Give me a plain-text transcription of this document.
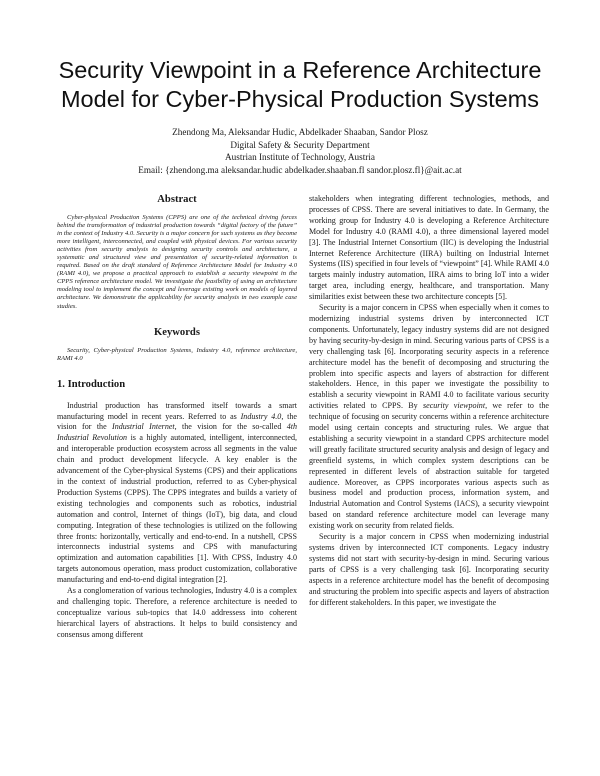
Security Viewpoint in a Reference Architecture
Model for Cyber-Physical Production Systems
Zhendong Ma, Aleksandar Hudic, Abdelkader Shaaban, Sandor Plosz
Digital Safety & Security Department
Austrian Institute of Technology, Austria
Email: {zhendong.ma aleksandar.hudic abdelkader.shaaban.fl sandor.plosz.fl}@ait.ac.at
Abstract

Cyber-physical Production Systems (CPPS) are one of the technical driving forces behind the transformation of industrial production towards “digital factory of the future” in the context of Industry 4.0. Security is a major concern for such systems as they become more intelligent, interconnected, and coupled with physical devices. For various security activities from security analysis to designing security controls and architecture, a systematic and structured view and presentation of security-related information is required. Based on the draft standard of Reference Architecture Model for Industry 4.0 (RAMI 4.0), we propose a practical approach to establish a security viewpoint in the CPPS reference architecture model. We investigate the feasibility of using an architecture modeling tool to implement the concept and leverage existing work on models of layered architecture. We demonstrate the applicability for security analysis in two example case studies.

Keywords

Security, Cyber-physical Production Systems, Industry 4.0, reference architecture, RAMI 4.0

1. Introduction

Industrial production has transformed itself towards a smart manufacturing model in recent years. Referred to as Industry 4.0, the vision for the Industrial Internet, the vision for the so-called 4th Industrial Revolution is a highly automated, intelligent, interconnected, and interoperable production ecosystem across all segments in the value chain and product development lifecycle. A key enabler is the advancement of the Cyber-physical Systems (CPS) and their applications in the context of industrial production, referred to as Cyber-physical Production Systems (CPPS). The CPPS integrates and builds a variety of existing technologies and components such as robotics, industrial automation and control, Internet of things (IoT), big data, and cloud computing. Integration of these technologies is utilized on the following three fronts: horizontally, vertically and end-to-end. In a nutshell, CPSS interconnects industrial systems and CPS with manufacturing optimization and automation capabilities [1]. With CPSS, Industry 4.0 targets autonomous operation, mass product customization, collaborative manufacturing and end-to-end digital integration [2].

As a conglomeration of various technologies, Industry 4.0 is a complex and challenging topic. Therefore, a reference architecture is needed to conceptualize various sub-topics that I4.0 addressess into coherent hierarchical layers of abstractions. It helps to build consistency and consensus among different

stakeholders when integrating different technologies, methods, and processes of CPSS. There are several initiatives to date. In Germany, the working group for Industry 4.0 is developing a Reference Architecture Model for Industry 4.0 (RAMI 4.0), a three dimensional layered model [3]. The Industrial Internet Consortium (IIC) is developing the Industrial Internet Reference Architecture (IIRA) builting on Industrial Internet Systems (IIS) specified in four levels of “viewpoint” [4]. While RAMI 4.0 targets mainly industry automation, IIRA aims to bring IoT into a wider target area, including energy, healthcare, and transportation. Many similarities exist between these two architecture concepts [5].

Security is a major concern in CPSS when especially when it comes to modernizing industrial systems driven by interconnected ICT components. Unfortunately, legacy industry systems did are not designed by having security-by-design in mind. Securing various parts of CPSS is a very challenging task [6]. Incorporating security aspects in a reference architecture model has the benefit of decomposing and structuring the problem into specific aspects and layers of abstraction for different stakeholders. Hence, in this paper we investigate the possibility to establish a security viewpoint in RAMI 4.0 to facilitate various security activities related to CPPS. By security viewpoint, we refer to the technique of focusing on security concerns within a reference architecture model using certain concepts and structuring rules. We argue that establishing a security viewpoint in a standard CPPS architecture model will greatly facilitate structured security analysis and design of legacy and greenfield systems, in which complex system descriptions can be represented in different levels of abstraction suitable for targeted audience. Moreover, as CPPS incorporates various aspects such as business model and production process, information system, and Industrial Automation and Control Systems (IACS), a security viewpoint based on standard reference architecture model can leverage many existing work on security from related fields.

Security is a major concern in CPSS when modernizing industrial systems driven by interconnected ICT components. Legacy industry systems did not start with security-by-design in mind. Securing various parts of CPSS is a very challenging task [6]. Incorporating security aspects in a reference architecture model has the benefit of decomposing and structuring the problem into specific aspects and layers of abstraction for different stakeholders. In this paper, we investigate the
